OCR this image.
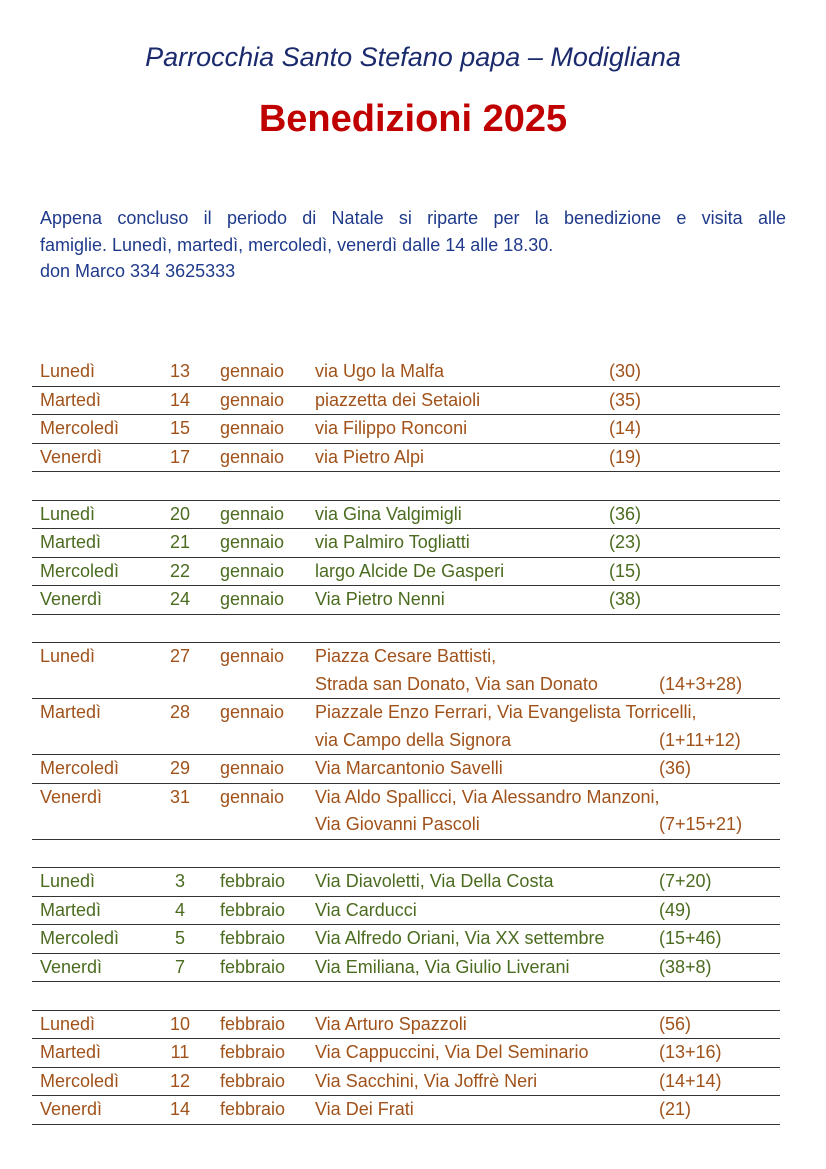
Parrocchia Santo Stefano papa – Modigliana
Benedizioni 2025
Appena concluso il periodo di Natale si riparte per la benedizione e visita alle
famiglie. Lunedì, martedì, mercoledì, venerdì dalle 14 alle 18.30.
don Marco 334 3625333
Lunedì	13	gennaio via Ugo la Malfa	(30)
Martedì	14	gennaio piazzetta dei Setaioli	(35)
Mercoledì	15	gennaio via Filippo Ronconi	(14)
Venerdì	17	gennaio via Pietro Alpi	(19)
Lunedì	20	gennaio via Gina Valgimigli	(36)
Martedì	21	gennaio via Palmiro Togliatti	(23)
Mercoledì	22	gennaio largo Alcide De Gasperi	(15)
Venerdì	24	gennaio Via Pietro Nenni	(38)
Lunedì	27	gennaio Piazza Cesare Battisti,
Strada san Donato, Via san Donato	(14+3+28)
Martedì	28	gennaio Piazzale Enzo Ferrari, Via Evangelista Torricelli,
via Campo della Signora	(1+11+12)
Mercoledì	29	gennaio Via Marcantonio Savelli	(36)
Venerdì	31	gennaio Via Aldo Spallicci, Via Alessandro Manzoni,
Via Giovanni Pascoli	(7+15+21)
Lunedì	3	febbraio Via Diavoletti, Via Della Costa	(7+20)
Martedì	4	febbraio Via Carducci	(49)
Mercoledì	5	febbraio Via Alfredo Oriani, Via XX settembre	(15+46)
Venerdì	7	febbraio Via Emiliana, Via Giulio Liverani	(38+8)
Lunedì	10	febbraio Via Arturo Spazzoli	(56)
Martedì	11	febbraio Via Cappuccini, Via Del Seminario	(13+16)
Mercoledì	12	febbraio Via Sacchini, Via Joffrè Neri	(14+14)
Venerdì	14	febbraio Via Dei Frati	(21)
